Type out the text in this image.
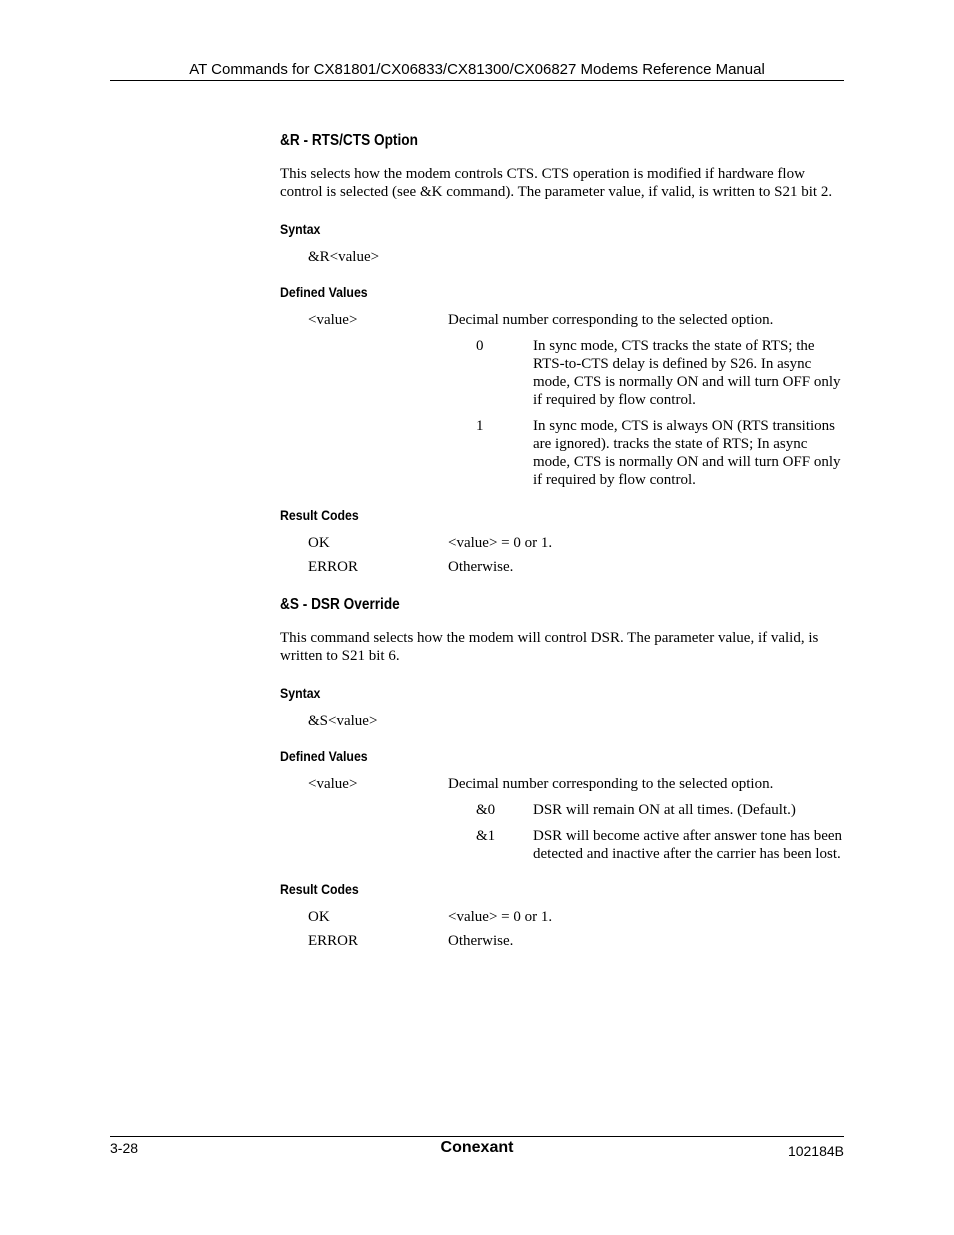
AT Commands for CX81801/CX06833/CX81300/CX06827 Modems Reference Manual
&R - RTS/CTS Option
This selects how the modem controls CTS. CTS operation is modified if hardware flow control is selected (see &K command). The parameter value, if valid, is written to S21 bit 2.
Syntax
&R<value>

Defined Values
<value>	Decimal number corresponding to the selected option.
0	In sync mode, CTS tracks the state of RTS; the RTS-to-CTS delay is defined by S26. In async mode, CTS is normally ON and will turn OFF only if required by flow control.
1	In sync mode, CTS is always ON (RTS transitions are ignored). tracks the state of RTS; In async mode, CTS is normally ON and will turn OFF only if required by flow control.
Result Codes
OK	<value> = 0 or 1.
ERROR	Otherwise.
&S - DSR Override
This command selects how the modem will control DSR. The parameter value, if valid, is written to S21 bit 6.
Syntax
&S<value>

Defined Values
<value>	Decimal number corresponding to the selected option.
&0	DSR will remain ON at all times. (Default.)
&1	DSR will become active after answer tone has been detected and inactive after the carrier has been lost.
Result Codes
OK	<value> = 0 or 1.
ERROR	Otherwise.
3-28	Conexant	102184B
